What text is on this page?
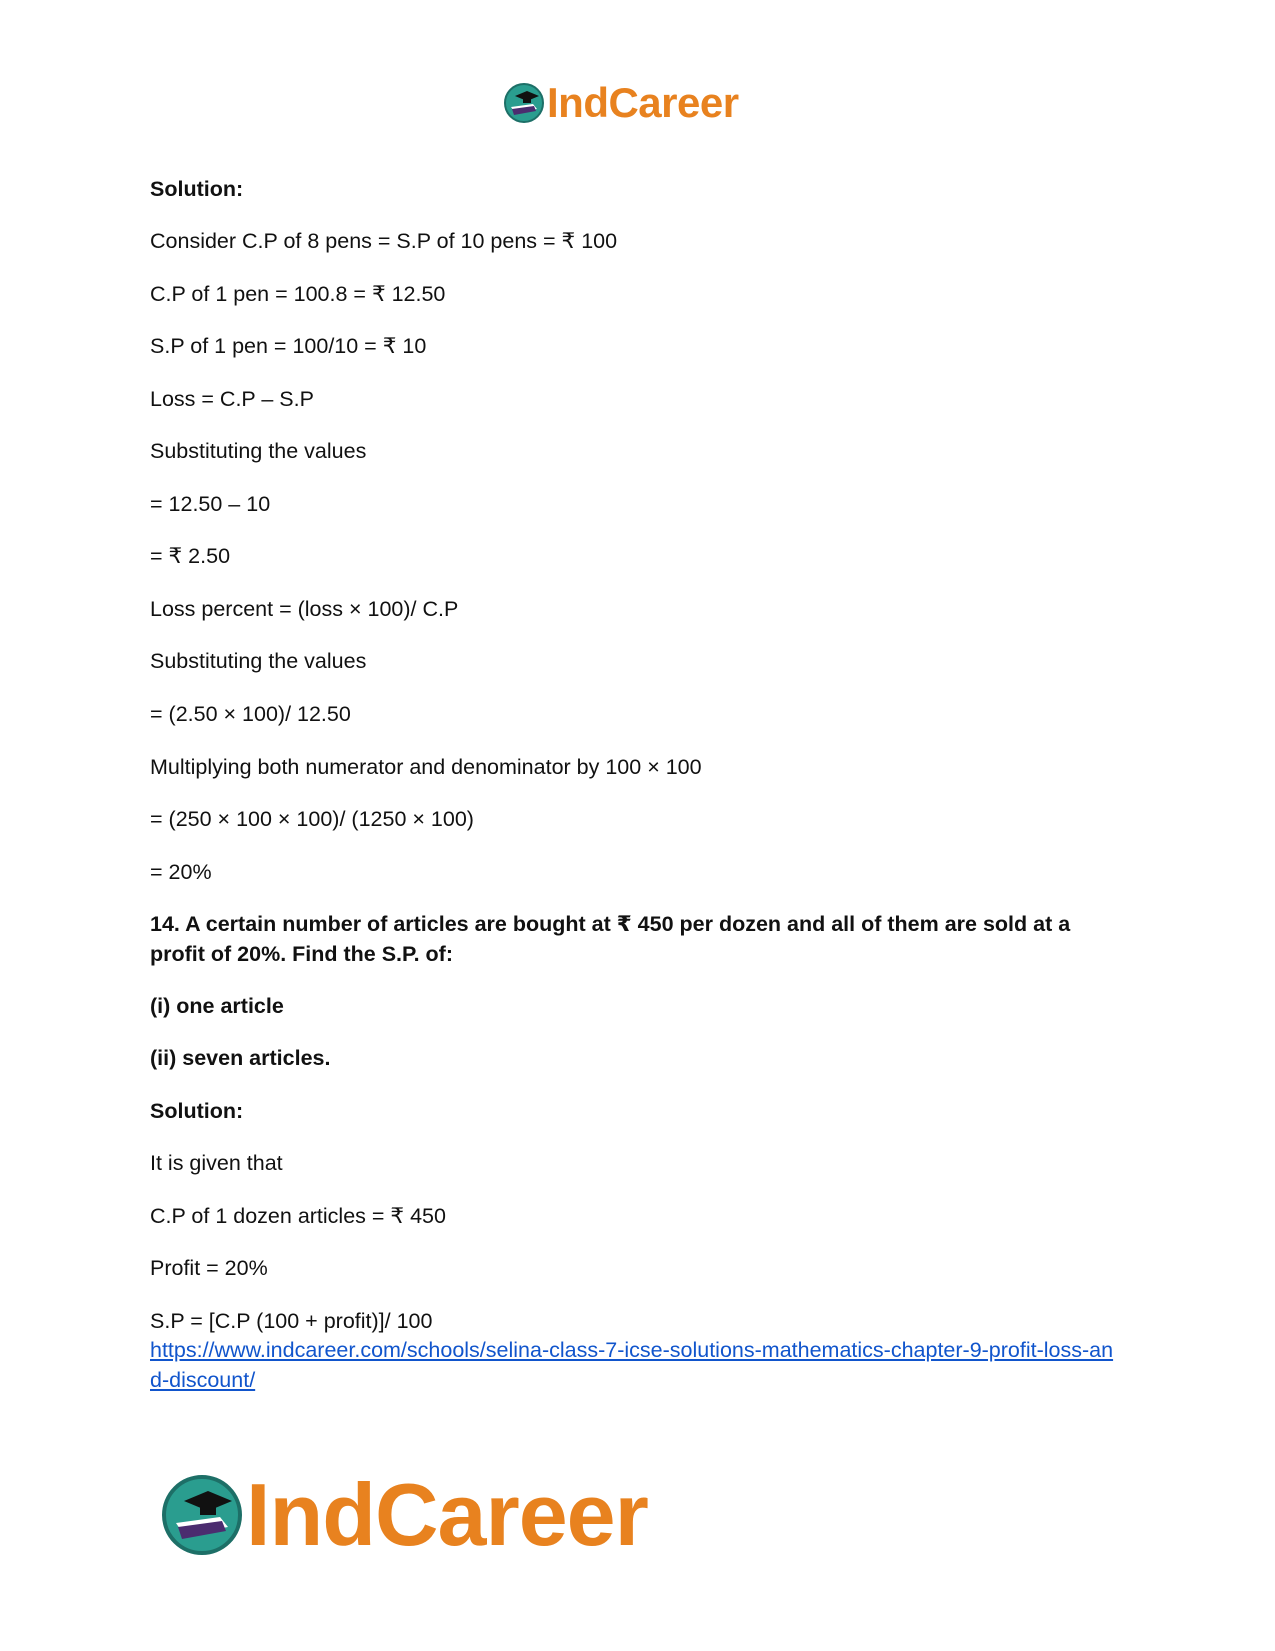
IndCareer
Solution:
Consider C.P of 8 pens = S.P of 10 pens = ₹ 100
C.P of 1 pen = 100.8 = ₹ 12.50
S.P of 1 pen = 100/10 = ₹ 10
Loss = C.P – S.P
Substituting the values
= 12.50 – 10
= ₹ 2.50
Loss percent = (loss × 100)/ C.P
Substituting the values
= (2.50 × 100)/ 12.50
Multiplying both numerator and denominator by 100 × 100
= (250 × 100 × 100)/ (1250 × 100)
= 20%
14. A certain number of articles are bought at ₹ 450 per dozen and all of them are sold at a profit of 20%. Find the S.P. of:
(i) one article
(ii) seven articles.
Solution:
It is given that
C.P of 1 dozen articles = ₹ 450
Profit = 20%
S.P = [C.P (100 + profit)]/ 100
https://www.indcareer.com/schools/selina-class-7-icse-solutions-mathematics-chapter-9-profit-loss-and-discount/
IndCareer
